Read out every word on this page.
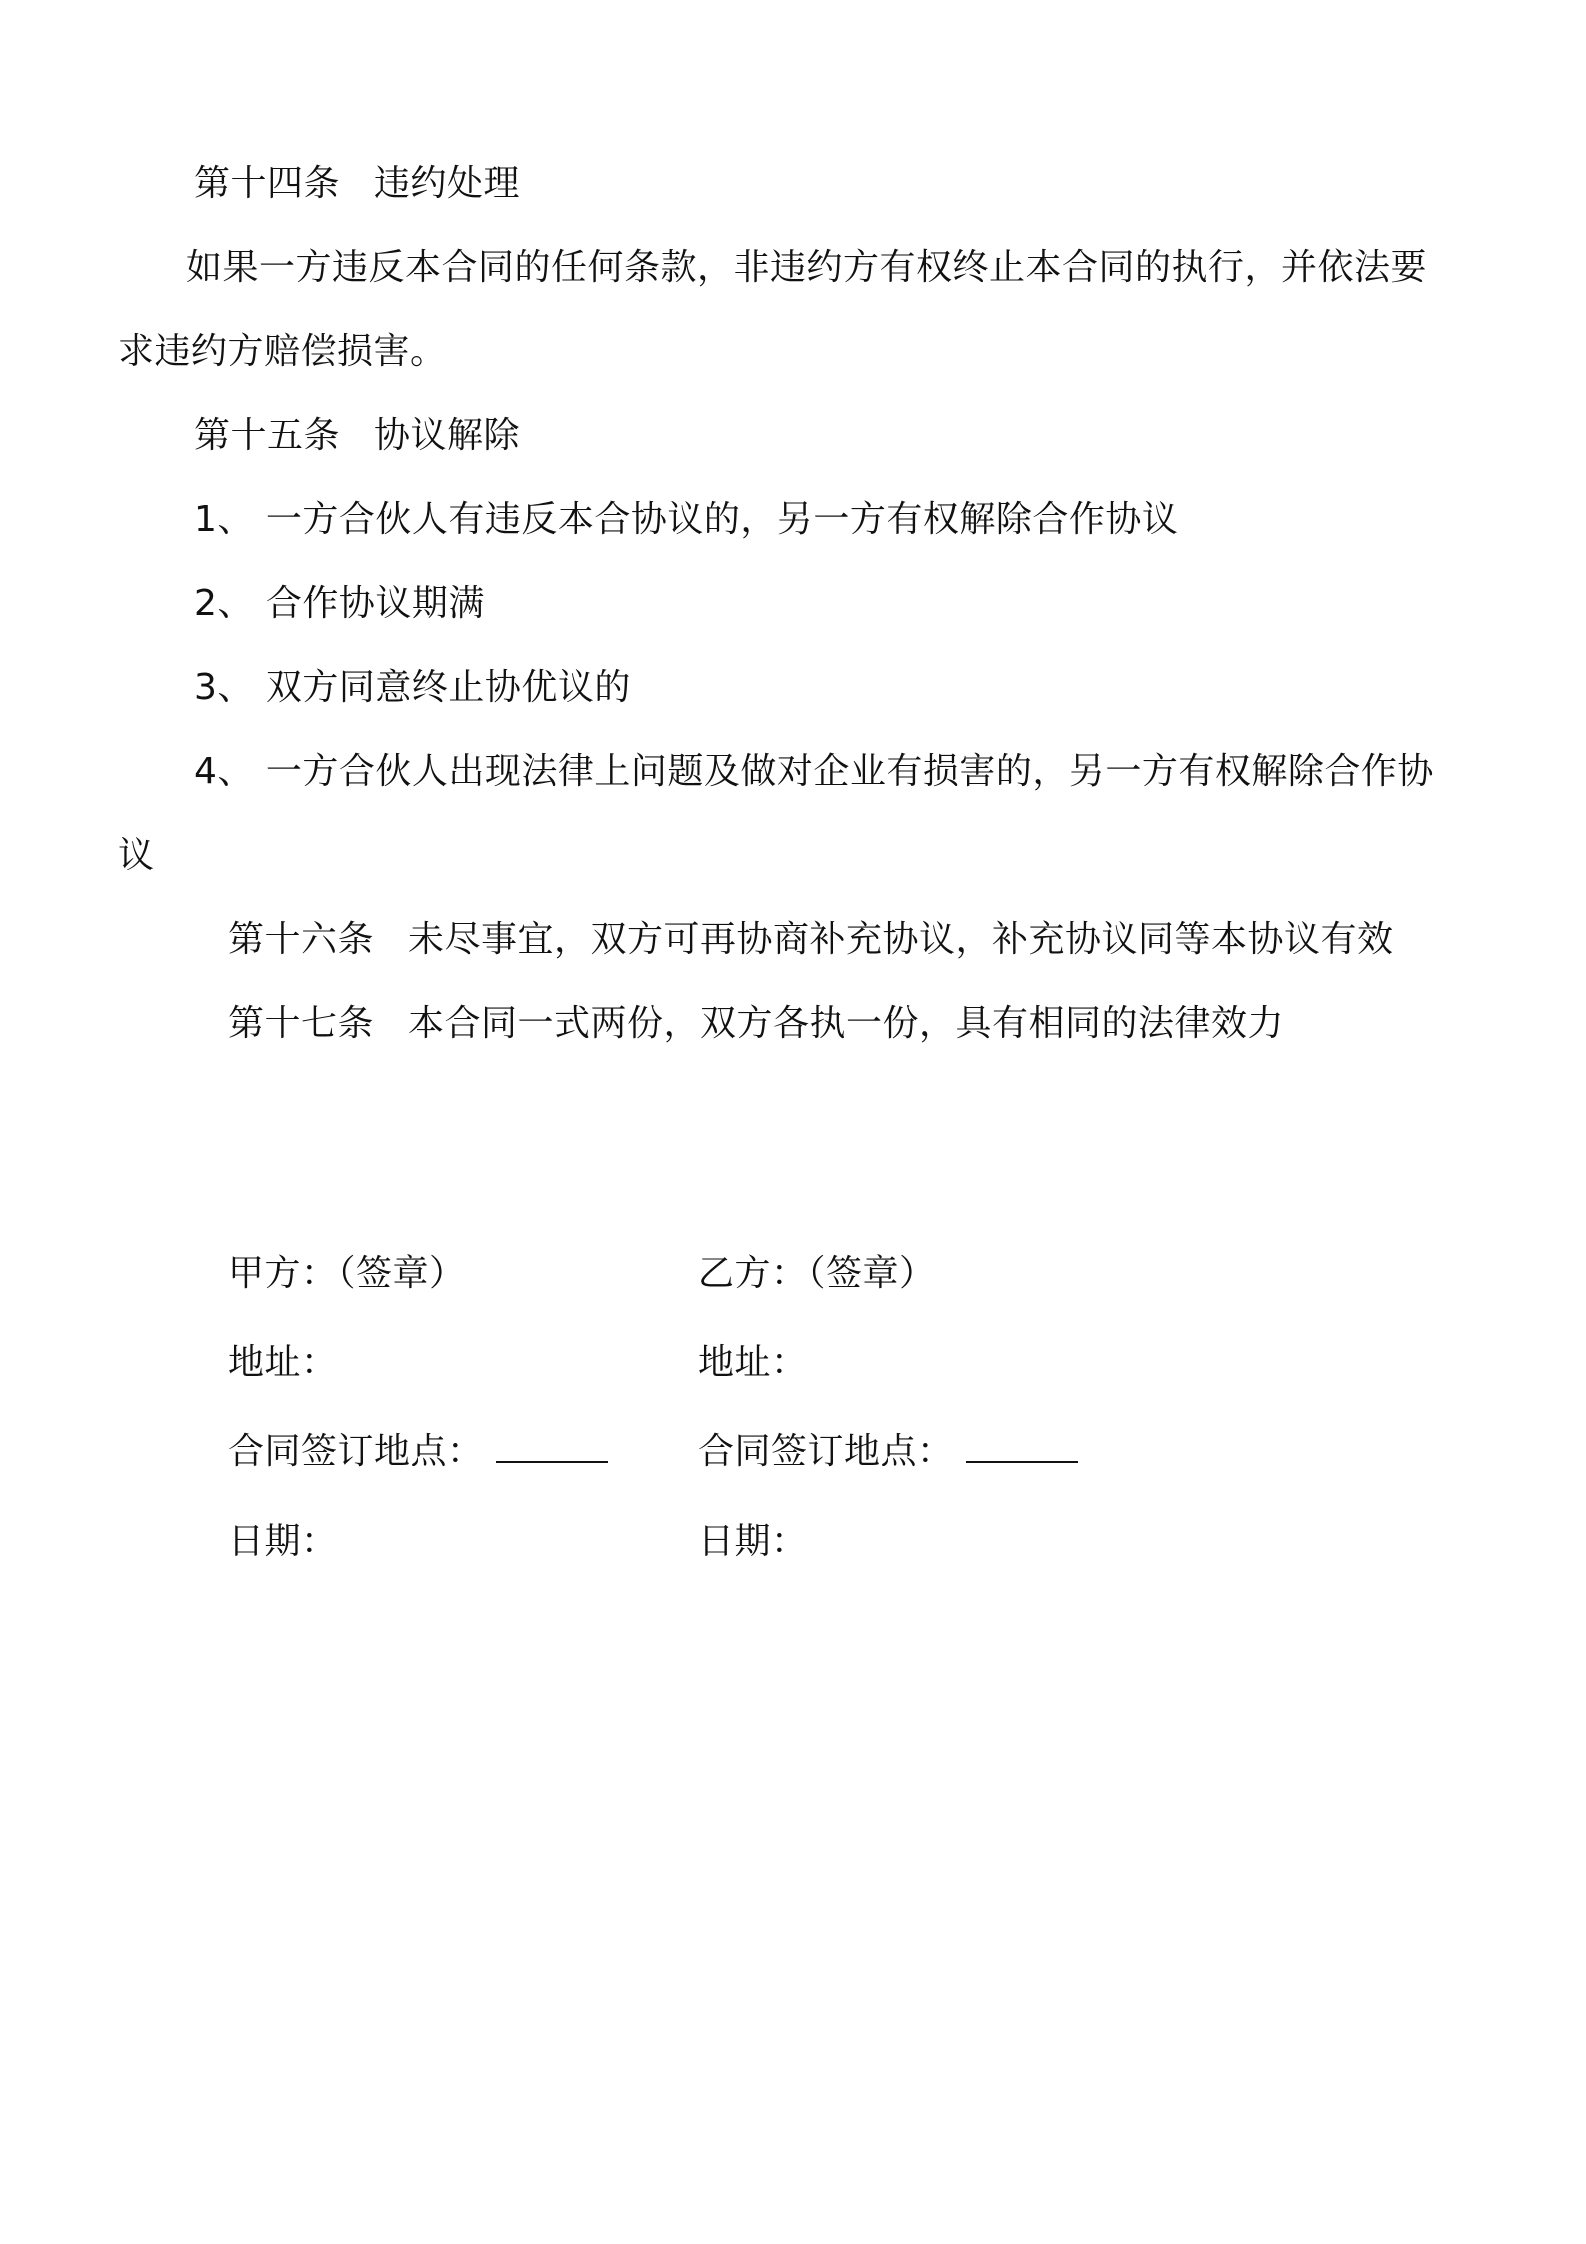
第十四条 违约处理
如果一方违反本合同的任何条款，非违约方有权终止本合同的执行，并依法要
求违约方赔偿损害。
第十五条 协议解除
1、 一方合伙人有违反本合协议的，另一方有权解除合作协议
2、 合作协议期满
3、 双方同意终止协优议的
4、 一方合伙人出现法律上问题及做对企业有损害的，另一方有权解除合作协
议
第十六条 未尽事宜，双方可再协商补充协议，补充协议同等本协议有效
第十七条 本合同一式两份，双方各执一份，具有相同的法律效力
甲方：（签章）
地址：
合同签订地点：
日期：
乙方：（签章）
地址：
合同签订地点：
日期：
